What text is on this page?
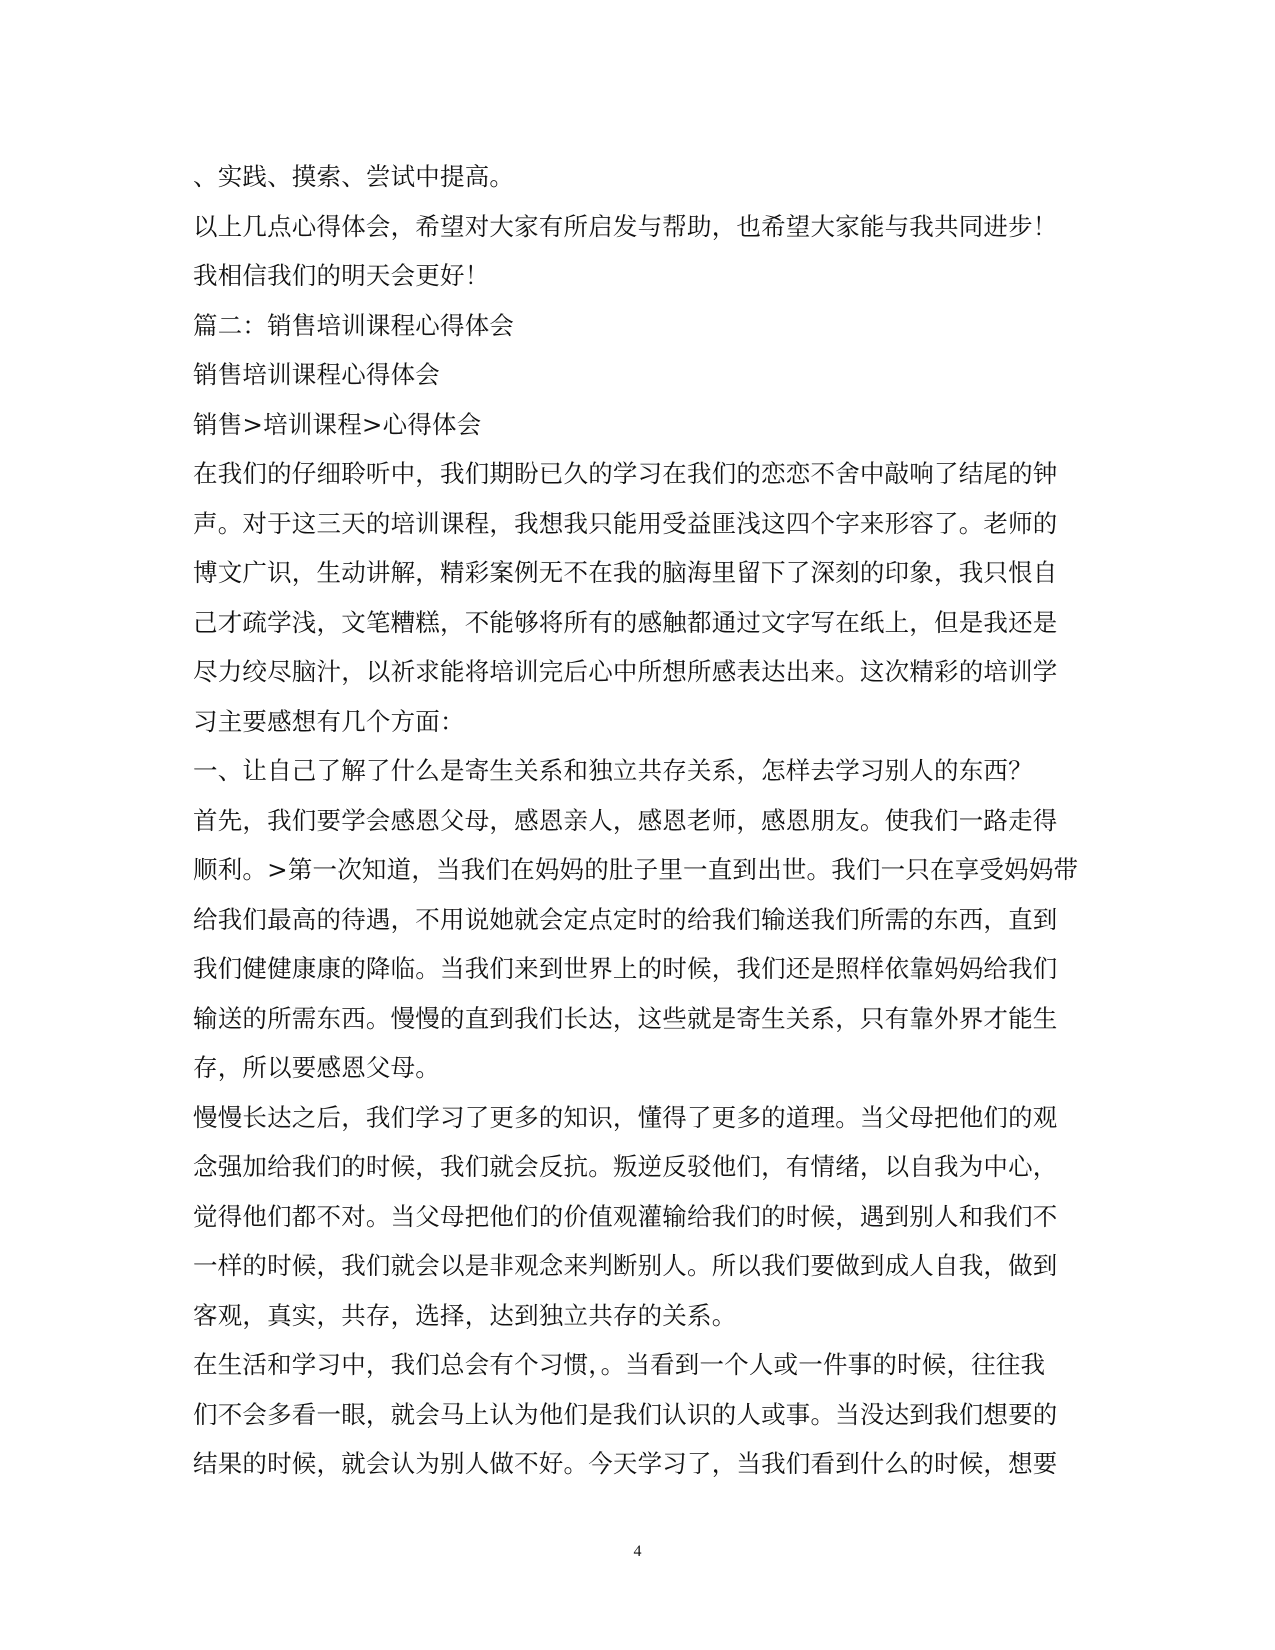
、实践、摸索、尝试中提高。
以上几点心得体会，希望对大家有所启发与帮助，也希望大家能与我共同进步！
我相信我们的明天会更好！
篇二：销售培训课程心得体会
销售培训课程心得体会
销售>培训课程>心得体会
在我们的仔细聆听中，我们期盼已久的学习在我们的恋恋不舍中敲响了结尾的钟
声。对于这三天的培训课程，我想我只能用受益匪浅这四个字来形容了。老师的
博文广识，生动讲解，精彩案例无不在我的脑海里留下了深刻的印象，我只恨自
己才疏学浅，文笔糟糕，不能够将所有的感触都通过文字写在纸上，但是我还是
尽力绞尽脑汁，以祈求能将培训完后心中所想所感表达出来。这次精彩的培训学
习主要感想有几个方面：
一、让自己了解了什么是寄生关系和独立共存关系，怎样去学习别人的东西？
首先，我们要学会感恩父母，感恩亲人，感恩老师，感恩朋友。使我们一路走得
顺利。>第一次知道，当我们在妈妈的肚子里一直到出世。我们一只在享受妈妈带
给我们最高的待遇，不用说她就会定点定时的给我们输送我们所需的东西，直到
我们健健康康的降临。当我们来到世界上的时候，我们还是照样依靠妈妈给我们
输送的所需东西。慢慢的直到我们长达，这些就是寄生关系，只有靠外界才能生
存，所以要感恩父母。
慢慢长达之后，我们学习了更多的知识，懂得了更多的道理。当父母把他们的观
念强加给我们的时候，我们就会反抗。叛逆反驳他们，有情绪，以自我为中心，
觉得他们都不对。当父母把他们的价值观灌输给我们的时候，遇到别人和我们不
一样的时候，我们就会以是非观念来判断别人。所以我们要做到成人自我，做到
客观，真实，共存，选择，达到独立共存的关系。
在生活和学习中，我们总会有个习惯，。当看到一个人或一件事的时候，往往我
们不会多看一眼，就会马上认为他们是我们认识的人或事。当没达到我们想要的
结果的时候，就会认为别人做不好。今天学习了，当我们看到什么的时候，想要
4
